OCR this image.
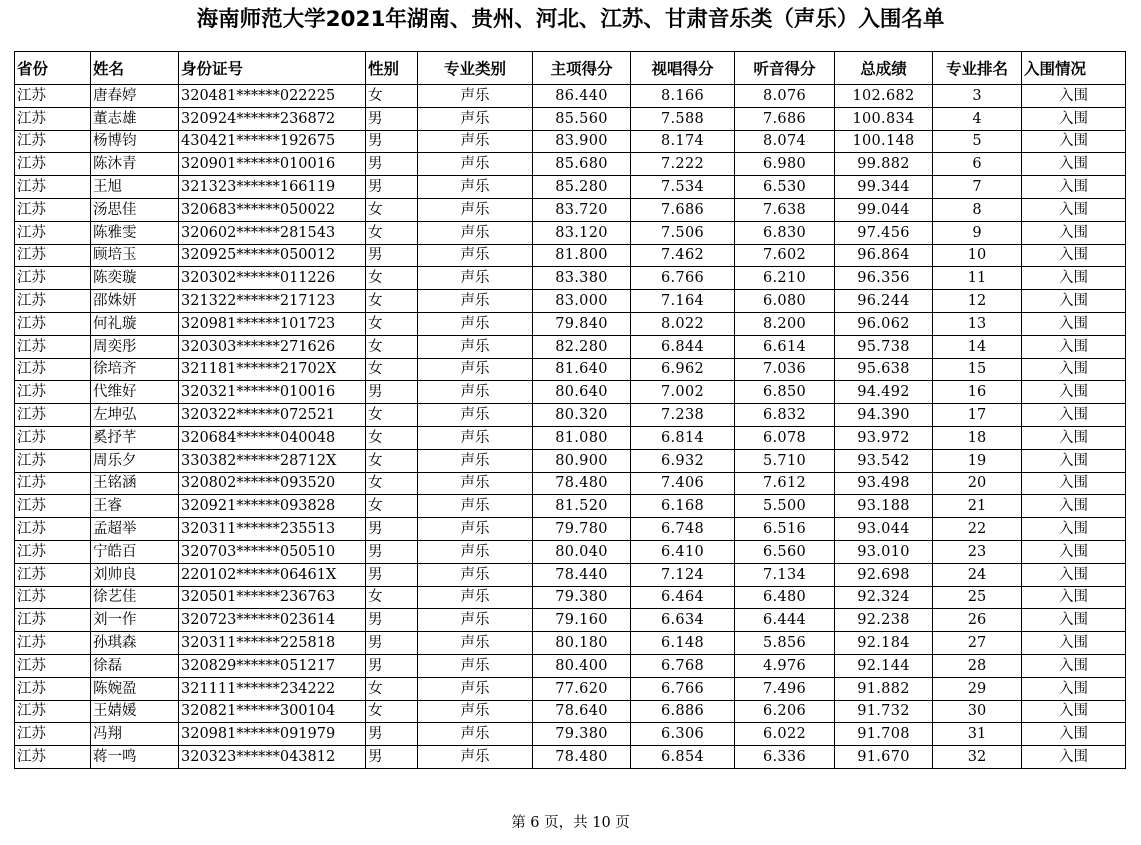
海南师范大学2021年湖南、贵州、河北、江苏、甘肃音乐类（声乐）入围名单
省份	姓名	身份证号	性别	专业类别	主项得分	视唱得分	听音得分	总成绩	专业排名	入围情况
江苏	唐春婷	320481******022225	女	声乐	86.440	8.166	8.076	102.682	3	入围
江苏	董志雄	320924******236872	男	声乐	85.560	7.588	7.686	100.834	4	入围
江苏	杨博钧	430421******192675	男	声乐	83.900	8.174	8.074	100.148	5	入围
江苏	陈沐青	320901******010016	男	声乐	85.680	7.222	6.980	99.882	6	入围
江苏	王旭	321323******166119	男	声乐	85.280	7.534	6.530	99.344	7	入围
江苏	汤思佳	320683******050022	女	声乐	83.720	7.686	7.638	99.044	8	入围
江苏	陈雅雯	320602******281543	女	声乐	83.120	7.506	6.830	97.456	9	入围
江苏	顾培玉	320925******050012	男	声乐	81.800	7.462	7.602	96.864	10	入围
江苏	陈奕璇	320302******011226	女	声乐	83.380	6.766	6.210	96.356	11	入围
江苏	邵姝妍	321322******217123	女	声乐	83.000	7.164	6.080	96.244	12	入围
江苏	何礼璇	320981******101723	女	声乐	79.840	8.022	8.200	96.062	13	入围
江苏	周奕彤	320303******271626	女	声乐	82.280	6.844	6.614	95.738	14	入围
江苏	徐培齐	321181******21702X	女	声乐	81.640	6.962	7.036	95.638	15	入围
江苏	代维好	320321******010016	男	声乐	80.640	7.002	6.850	94.492	16	入围
江苏	左坤弘	320322******072521	女	声乐	80.320	7.238	6.832	94.390	17	入围
江苏	奚抒芊	320684******040048	女	声乐	81.080	6.814	6.078	93.972	18	入围
江苏	周乐夕	330382******28712X	女	声乐	80.900	6.932	5.710	93.542	19	入围
江苏	王铭涵	320802******093520	女	声乐	78.480	7.406	7.612	93.498	20	入围
江苏	王睿	320921******093828	女	声乐	81.520	6.168	5.500	93.188	21	入围
江苏	孟超举	320311******235513	男	声乐	79.780	6.748	6.516	93.044	22	入围
江苏	宁皓百	320703******050510	男	声乐	80.040	6.410	6.560	93.010	23	入围
江苏	刘帅良	220102******06461X	男	声乐	78.440	7.124	7.134	92.698	24	入围
江苏	徐艺佳	320501******236763	女	声乐	79.380	6.464	6.480	92.324	25	入围
江苏	刘一作	320723******023614	男	声乐	79.160	6.634	6.444	92.238	26	入围
江苏	孙琪森	320311******225818	男	声乐	80.180	6.148	5.856	92.184	27	入围
江苏	徐磊	320829******051217	男	声乐	80.400	6.768	4.976	92.144	28	入围
江苏	陈婉盈	321111******234222	女	声乐	77.620	6.766	7.496	91.882	29	入围
江苏	王婧媛	320821******300104	女	声乐	78.640	6.886	6.206	91.732	30	入围
江苏	冯翔	320981******091979	男	声乐	79.380	6.306	6.022	91.708	31	入围
江苏	蒋一鸣	320323******043812	男	声乐	78.480	6.854	6.336	91.670	32	入围
第 6 页，共 10 页
